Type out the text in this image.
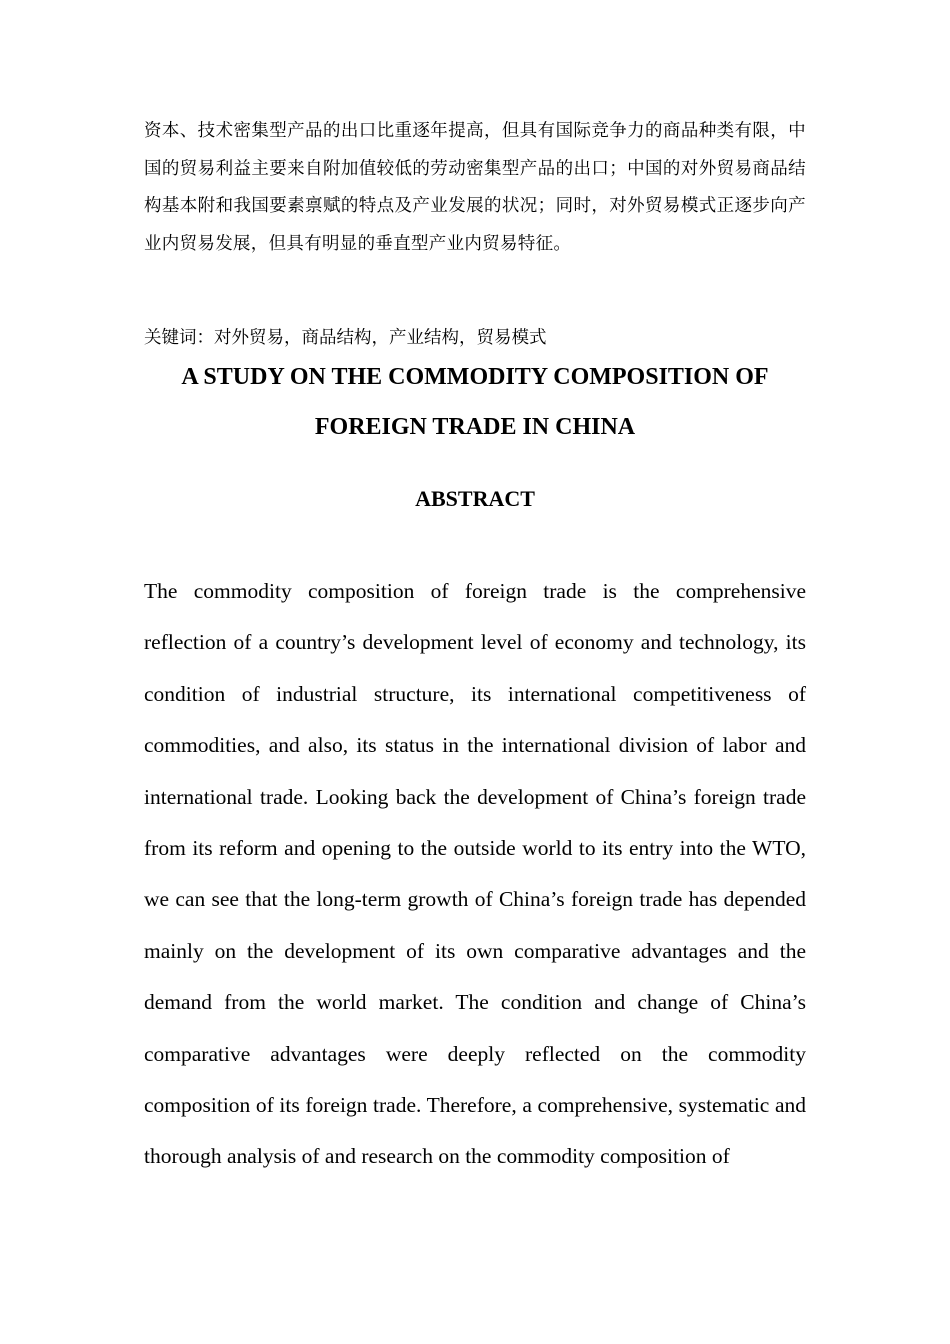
资本、技术密集型产品的出口比重逐年提高，但具有国际竞争力的商品种类有限，中国的贸易利益主要来自附加值较低的劳动密集型产品的出口；中国的对外贸易商品结构基本附和我国要素禀赋的特点及产业发展的状况；同时，对外贸易模式正逐步向产业内贸易发展，但具有明显的垂直型产业内贸易特征。

关键词：对外贸易，商品结构，产业结构，贸易模式
A STUDY ON THE COMMODITY COMPOSITION OF
FOREIGN TRADE IN CHINA
ABSTRACT

The commodity composition of foreign trade is the comprehensive reflection of a country’s development level of economy and technology, its condition of industrial structure, its international competitiveness of commodities, and also, its status in the international division of labor and international trade. Looking back the development of China’s foreign trade from its reform and opening to the outside world to its entry into the WTO, we can see that the long-term growth of China’s foreign trade has depended mainly on the development of its own comparative advantages and the demand from the world market. The condition and change of China’s comparative advantages were deeply reflected on the commodity composition of its foreign trade. Therefore, a comprehensive, systematic and thorough analysis of and research on the commodity composition of
